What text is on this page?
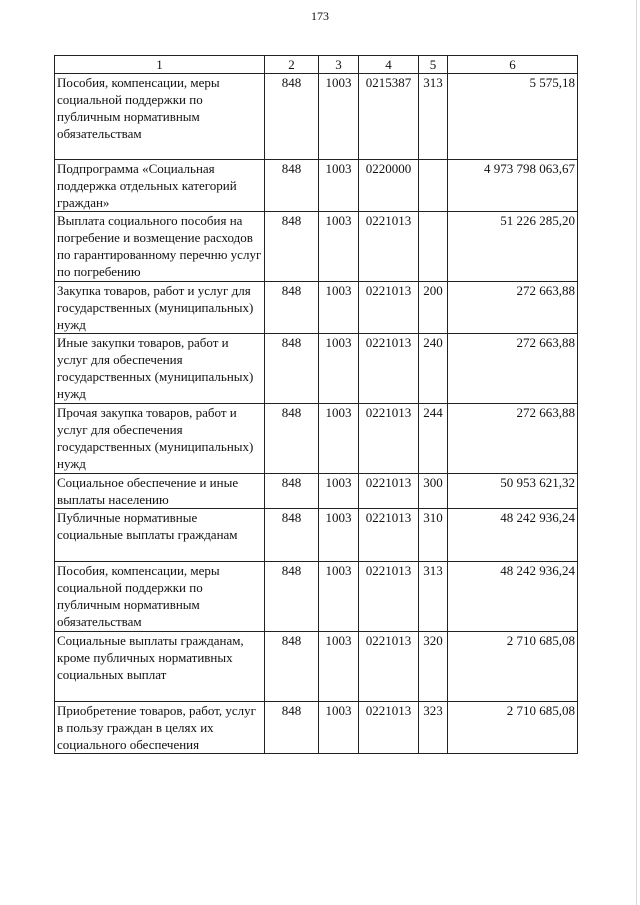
173
1	2	3	4	5	6
Пособия, компенсации, меры социальной поддержки по публичным нормативным обязательствам	848	1003	0215387	313	5 575,18
Подпрограмма «Социальная поддержка отдельных категорий граждан»	848	1003	0220000		4 973 798 063,67
Выплата социального пособия на погребение и возмещение расходов по гарантированному перечню услуг по погребению	848	1003	0221013		51 226 285,20
Закупка товаров, работ и услуг для государственных (муниципальных) нужд	848	1003	0221013	200	272 663,88
Иные закупки товаров, работ и услуг для обеспечения государственных (муниципальных) нужд	848	1003	0221013	240	272 663,88
Прочая закупка товаров, работ и услуг для обеспечения государственных (муниципальных) нужд	848	1003	0221013	244	272 663,88
Социальное обеспечение и иные выплаты населению	848	1003	0221013	300	50 953 621,32
Публичные нормативные социальные выплаты гражданам	848	1003	0221013	310	48 242 936,24
Пособия, компенсации, меры социальной поддержки по публичным нормативным обязательствам	848	1003	0221013	313	48 242 936,24
Социальные выплаты гражданам, кроме публичных нормативных социальных выплат	848	1003	0221013	320	2 710 685,08
Приобретение товаров, работ, услуг в пользу граждан в целях их социального обеспечения	848	1003	0221013	323	2 710 685,08
